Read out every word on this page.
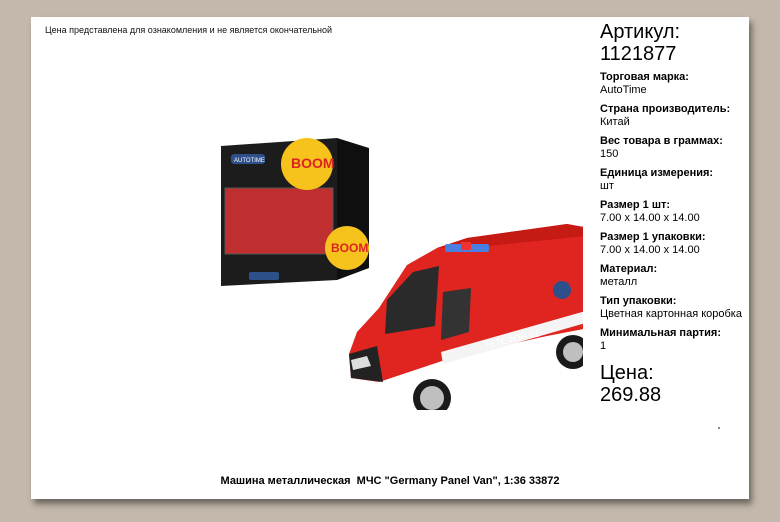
Цена представлена для ознакомления и не является окончательной
BOOM
BOOM
AUTOTIME
ТЕЛЕФОН 01
Артикул:
1121877
Торговая марка:
AutoTime
Страна производитель:
Китай
Вес товара в граммах:
150
Единица измерения:
шт
Размер 1 шт:
7.00 x 14.00 x 14.00
Размер 1 упаковки:
7.00 x 14.00 x 14.00
Материал:
металл
Тип упаковки:
Цветная картонная коробка
Минимальная партия:
1
Цена:
269.88
Машина металлическая  МЧС "Germany Panel Van", 1:36 33872
